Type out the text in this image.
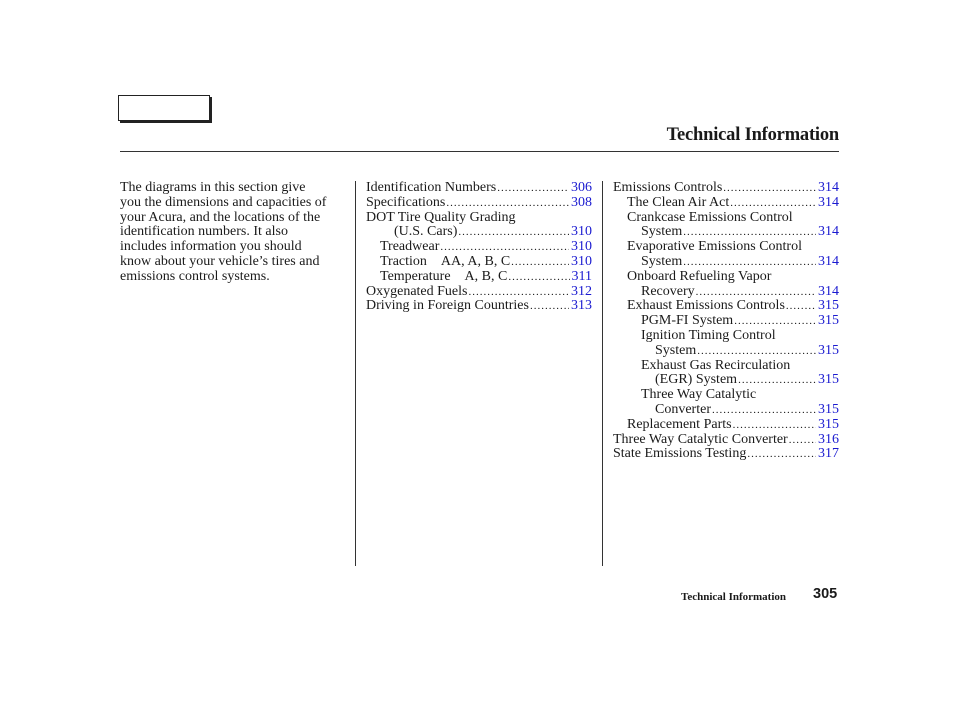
Technical Information
The diagrams in this section give
you the dimensions and capacities of
your Acura, and the locations of the
identification numbers. It also
includes information you should
know about your vehicle’s tires and
emissions control systems.
Identification Numbers .....	306
Specifications .....	308
DOT Tire Quality Grading
(U.S. Cars) .....	310
Treadwear .....	310
Traction    AA, A, B, C .....	310
Temperature    A, B, C .....	311
Oxygenated Fuels .....	312
Driving in Foreign Countries .....	313
Emissions Controls .....	314
The Clean Air Act .....	314
Crankcase Emissions Control
System .....	314
Evaporative Emissions Control
System .....	314
Onboard Refueling Vapor
Recovery .....	314
Exhaust Emissions Controls ..... 315
PGM-FI System .....	315
Ignition Timing Control
System .....	315
Exhaust Gas Recirculation
(EGR) System .....	315
Three Way Catalytic
Converter .....	315
Replacement Parts .....	315
Three Way Catalytic Converter ..... 316
State Emissions Testing .....	317
Technical Information 305
